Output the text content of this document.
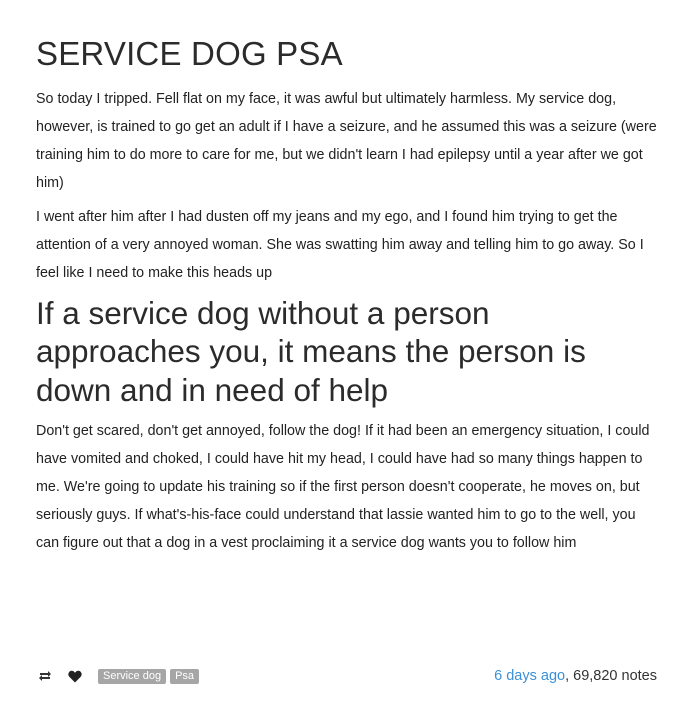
SERVICE DOG PSA

So today I tripped. Fell flat on my face, it was awful but ultimately harmless. My service dog, however, is trained to go get an adult if I have a seizure, and he assumed this was a seizure (were training him to do more to care for me, but we didn't learn I had epilepsy until a year after we got him)

I went after him after I had dusten off my jeans and my ego, and I found him trying to get the attention of a very annoyed woman. She was swatting him away and telling him to go away. So I feel like I need to make this heads up

If a service dog without a person approaches you, it means the person is down and in need of help

Don't get scared, don't get annoyed, follow the dog! If it had been an emergency situation, I could have vomited and choked, I could have hit my head, I could have had so many things happen to me. We're going to update his training so if the first person doesn't cooperate, he moves on, but seriously guys. If what's-his-face could understand that lassie wanted him to go to the well, you can figure out that a dog in a vest proclaiming it a service dog wants you to follow him

Service dog	Psa	6 days ago, 69,820 notes
